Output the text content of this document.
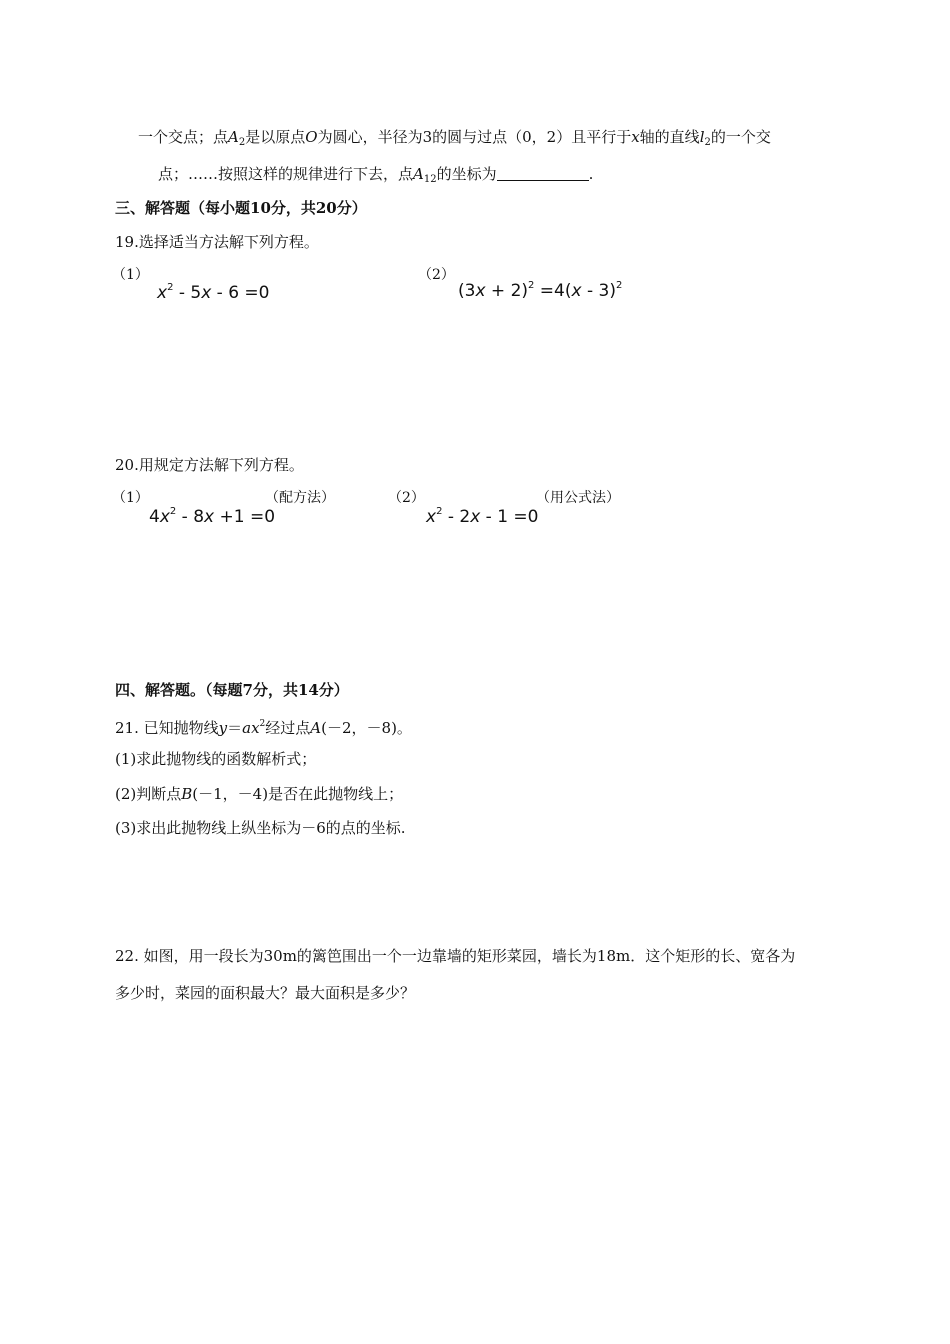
一个交点；点$A_2$是以原点O为圆心，半径为3的圆与过点（0，2）且平行于x轴的直线$l_2$的一个交
点；……按照这样的规律进行下去，点$A_{12}$的坐标为	.
三、解答题（每小题10分，共20分）
19.选择适当方法解下列方程。
（1）
$x^2 - 5x - 6 =0$
（2）
$(3x + 2)^2 =4(x - 3)^2$
20.用规定方法解下列方程。
（1）
$4x^2 - 8x +1 =0$
（配方法）	（2）
$x^2 - 2x - 1 =0$
（用公式法）
四、解答题。（每题7分，共14分）
21. 已知抛物线$y=ax^2$经过点A(－2，－8)。
(1)求此抛物线的函数解析式；
(2)判断点B(－1，－4)是否在此抛物线上；
(3)求出此抛物线上纵坐标为－6的点的坐标.
22. 如图，用一段长为30m的篱笆围出一个一边靠墙的矩形菜园，墙长为18m．这个矩形的长、宽各为
多少时，菜园的面积最大？最大面积是多少？
